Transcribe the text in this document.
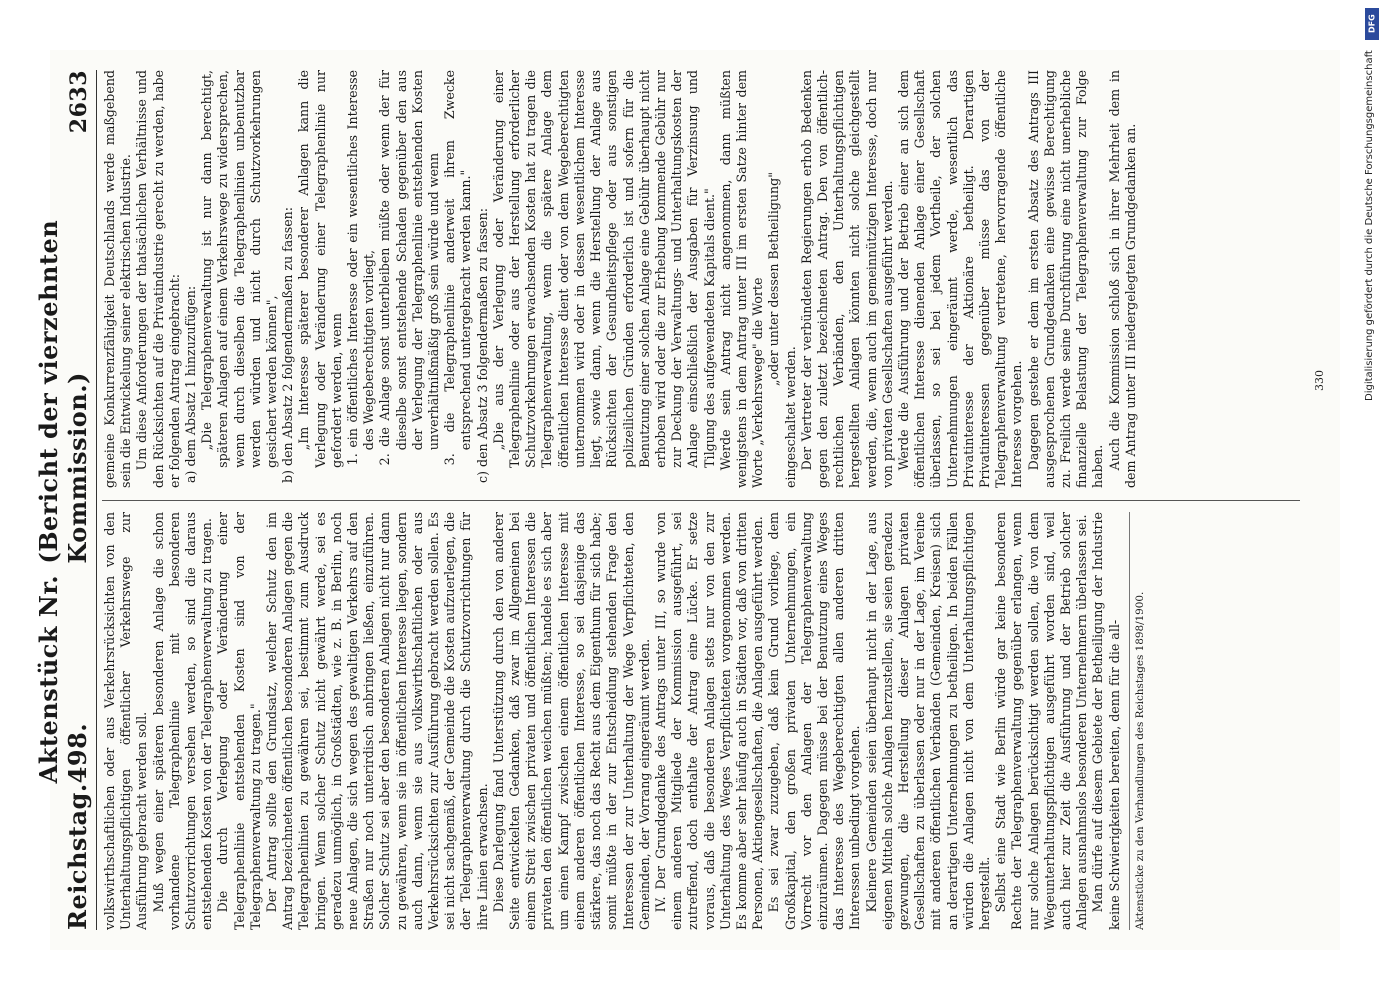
Reichstag.
Aktenstück Nr. 498.
(Bericht der vierzehnten Kommission.)
2633

volkswirthschaftlichen oder aus Verkehrsrücksichten von den Unterhaltungspflichtigen öffentlicher Verkehrswege zur Ausführung gebracht werden soll. Muß wegen einer späteren besonderen Anlage die schon vorhandene Telegraphenlinie mit besonderen Schutzvorrichtungen versehen werden, so sind die daraus entstehenden Kosten von der Telegraphenverwaltung zu tragen. Die durch Verlegung oder Veränderung einer Telegraphenlinie entstehenden Kosten sind von der Telegraphenverwaltung zu tragen." Der Antrag sollte den Grundsatz, welcher Schutz den im Antrag bezeichneten öffentlichen besonderen Anlagen gegen die Telegraphenlinien zu gewähren sei, bestimmt zum Ausdruck bringen. Wenn solcher Schutz nicht gewährt werde, sei es geradezu unmöglich, in Großstädten, wie z. B. in Berlin, noch neue Anlagen, die sich wegen des gewaltigen Verkehrs auf den Straßen nur noch unterirdisch anbringen ließen, einzuführen. Solcher Schutz sei aber den besonderen Anlagen nicht nur dann zu gewähren, wenn sie im öffentlichen Interesse liegen, sondern auch dann, wenn sie aus volkswirthschaftlichen oder aus Verkehrsrücksichten zur Ausführung gebracht werden sollen. Es sei nicht sachgemäß, der Gemeinde die Kosten aufzuerlegen, die der Telegraphenverwaltung durch die Schutzvorrichtungen für ihre Linien erwachsen. Diese Darlegung fand Unterstützung durch den von anderer Seite entwickelten Gedanken, daß zwar im Allgemeinen bei einem Streit zwischen privaten und öffentlichen Interessen die privaten den öffentlichen weichen müßten; handele es sich aber um einen Kampf zwischen einem öffentlichen Interesse mit einem anderen öffentlichen Interesse, so sei dasjenige das stärkere, das noch das Recht aus dem Eigenthum für sich habe; somit müßte in der zur Entscheidung stehenden Frage den Interessen der zur Unterhaltung der Wege Verpflichteten, den Gemeinden, der Vorrang eingeräumt werden. IV. Der Grundgedanke des Antrags unter III, so wurde von einem anderen Mitgliede der Kommission ausgeführt, sei zutreffend, doch enthalte der Antrag eine Lücke. Er setze voraus, daß die besonderen Anlagen stets nur von den zur Unterhaltung des Weges Verpflichteten vorgenommen werden. Es komme aber sehr häufig auch in Städten vor, daß von dritten Personen, Aktiengesellschaften, die Anlagen ausgeführt werden. Es sei zwar zuzugeben, daß kein Grund vorliege, dem Großkapital, den großen privaten Unternehmungen, ein Vorrecht vor den Anlagen der Telegraphenverwaltung einzuräumen. Dagegen müsse bei der Benutzung eines Weges das Interesse des Wegeberechtigten allen anderen dritten Interessen unbedingt vorgehen. Kleinere Gemeinden seien überhaupt nicht in der Lage, aus eigenen Mitteln solche Anlagen herzustellen, sie seien geradezu gezwungen, die Herstellung dieser Anlagen privaten Gesellschaften zu überlassen oder nur in der Lage, im Vereine mit anderen öffentlichen Verbänden (Gemeinden, Kreisen) sich an derartigen Unternehmungen zu betheiligen. In beiden Fällen würden die Anlagen nicht von dem Unterhaltungspflichtigen hergestellt. Selbst eine Stadt wie Berlin würde gar keine besonderen Rechte der Telegraphenverwaltung gegenüber erlangen, wenn nur solche Anlagen berücksichtigt werden sollen, die von dem Wegeunterhaltungspflichtigen ausgeführt worden sind, weil auch hier zur Zeit die Ausführung und der Betrieb solcher Anlagen ausnahmslos besonderen Unternehmern überlassen sei. Man dürfe auf diesem Gebiete der Betheiligung der Industrie keine Schwierigkeiten bereiten, denn für die all-	Aktenstücke zu den Verhandlungen des Reichstages 1898/1900.

gemeine Konkurrenzfähigkeit Deutschlands werde maßgebend sein die Entwickelung seiner elektrischen Industrie. Um diese Anforderungen der thatsächlichen Verhältnisse und den Rücksichten auf die Privatindustrie gerecht zu werden, habe er folgenden Antrag eingebracht: a) dem Absatz 1 hinzuzufügen: „Die Telegraphenverwaltung ist nur dann berechtigt, späteren Anlagen auf einem Verkehrswege zu widersprechen, wenn durch dieselben die Telegraphenlinien unbenutzbar werden würden und nicht durch Schutzvorkehrungen gesichert werden können", b) den Absatz 2 folgendermaßen zu fassen: „Im Interesse späterer besonderer Anlagen kann die Verlegung oder Veränderung einer Telegraphenlinie nur gefordert werden, wenn 1. ein öffentliches Interesse oder ein wesentliches Interesse des Wegeberechtigten vorliegt, 2. die Anlage sonst unterbleiben müßte oder wenn der für dieselbe sonst entstehende Schaden gegenüber den aus der Verlegung der Telegraphenlinie entstehenden Kosten unverhältnißmäßig groß sein würde und wenn 3. die Telegraphenlinie anderweit ihrem Zwecke entsprechend untergebracht werden kann." c) den Absatz 3 folgendermaßen zu fassen: „Die aus der Verlegung oder Veränderung einer Telegraphenlinie oder aus der Herstellung erforderlicher Schutzvorkehrungen erwachsenden Kosten hat zu tragen die Telegraphenverwaltung, wenn die spätere Anlage dem öffentlichen Interesse dient oder von dem Wegeberechtigten unternommen wird oder in dessen wesentlichem Interesse liegt, sowie dann, wenn die Herstellung der Anlage aus Rücksichten der Gesundheitspflege oder aus sonstigen polizeilichen Gründen erforderlich ist und sofern für die Benutzung einer solchen Anlage eine Gebühr überhaupt nicht erhoben wird oder die zur Erhebung kommende Gebühr nur zur Deckung der Verwaltungs- und Unterhaltungskosten der Anlage einschließlich der Ausgaben für Verzinsung und Tilgung des aufgewendeten Kapitals dient." Werde sein Antrag nicht angenommen, dann müßten wenigstens in dem Antrag unter III im ersten Satze hinter dem Worte „Verkehrswege" die Worte „oder unter dessen Betheiligung"

eingeschaltet werden. Der Vertreter der verbündeten Regierungen erhob Bedenken gegen den zuletzt bezeichneten Antrag. Den von öffentlich-rechtlichen Verbänden, den Unterhaltungspflichtigen hergestellten Anlagen könnten nicht solche gleichgestellt werden, die, wenn auch im gemeinnützigen Interesse, doch nur von privaten Gesellschaften ausgeführt werden. Werde die Ausführung und der Betrieb einer an sich dem öffentlichen Interesse dienenden Anlage einer Gesellschaft überlassen, so sei bei jedem Vortheile, der solchen Unternehmungen eingeräumt werde, wesentlich das Privatinteresse der Aktionäre betheiligt. Derartigen Privatinteressen gegenüber müsse das von der Telegraphenverwaltung vertretene, hervorragende öffentliche Interesse vorgehen. Dagegen gestehe er dem im ersten Absatz des Antrags III ausgesprochenen Grundgedanken eine gewisse Berechtigung zu. Freilich werde seine Durchführung eine nicht unerhebliche finanzielle Belastung der Telegraphenverwaltung zur Folge haben. Auch die Kommission schloß sich in ihrer Mehrheit dem in dem Antrag unter III niedergelegten Grundgedanken an.	330
DFG
Digitalisierung gefördert durch die Deutsche Forschungsgemeinschaft
